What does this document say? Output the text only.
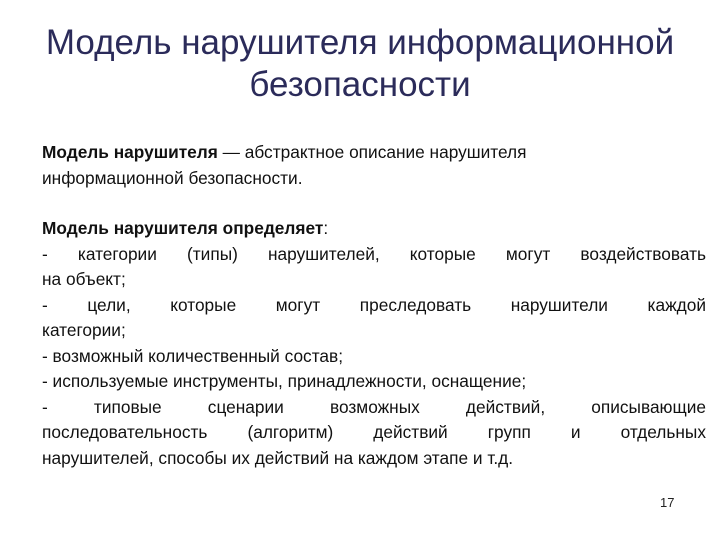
Модель нарушителя информационной
безопасности

Модель нарушителя — абстрактное описание нарушителя
информационной безопасности.

Модель нарушителя определяет:
- категории (типы) нарушителей, которые могут воздействовать
на объект;
- цели, которые могут преследовать нарушители каждой
категории;
- возможный количественный состав;
- используемые инструменты, принадлежности, оснащение;
- типовые сценарии возможных действий, описывающие
последовательность (алгоритм) действий групп и отдельных
нарушителей, способы их действий на каждом этапе и т.д.

17
